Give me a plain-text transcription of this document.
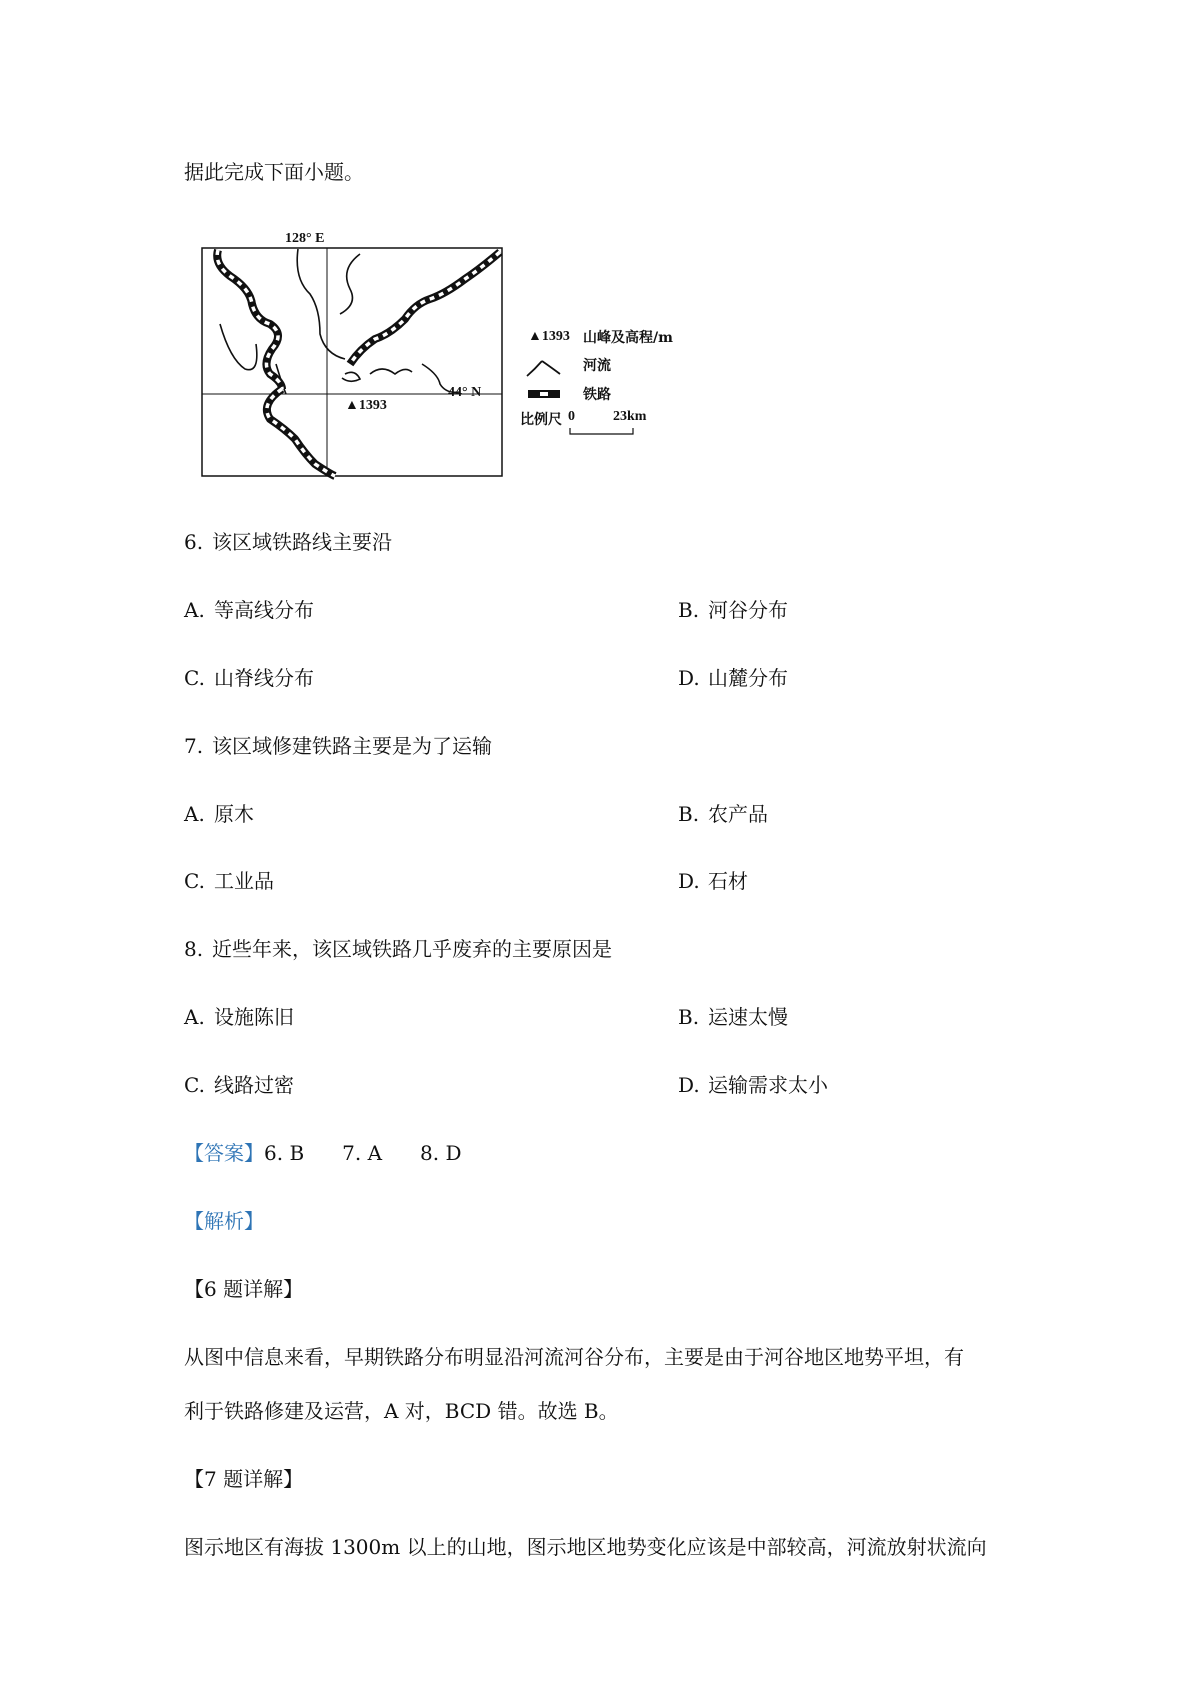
据此完成下面小题。
128° E
44° N
▲1393
▲1393 山峰及高程/m
河流
铁路
比例尺 0	23km
6. 该区域铁路线主要沿
A. 等高线分布	B. 河谷分布
C. 山脊线分布	D. 山麓分布
7. 该区域修建铁路主要是为了运输
A. 原木	B. 农产品
C. 工业品	D. 石材
8. 近些年来，该区域铁路几乎废弃的主要原因是
A. 设施陈旧	B. 运速太慢
C. 线路过密	D. 运输需求太小
【答案】6. B 7. A 8. D
【解析】
【6 题详解】
从图中信息来看，早期铁路分布明显沿河流河谷分布，主要是由于河谷地区地势平坦，有
利于铁路修建及运营，A 对，BCD 错。故选 B。
【7 题详解】
图示地区有海拔 1300m 以上的山地，图示地区地势变化应该是中部较高，河流放射状流向
